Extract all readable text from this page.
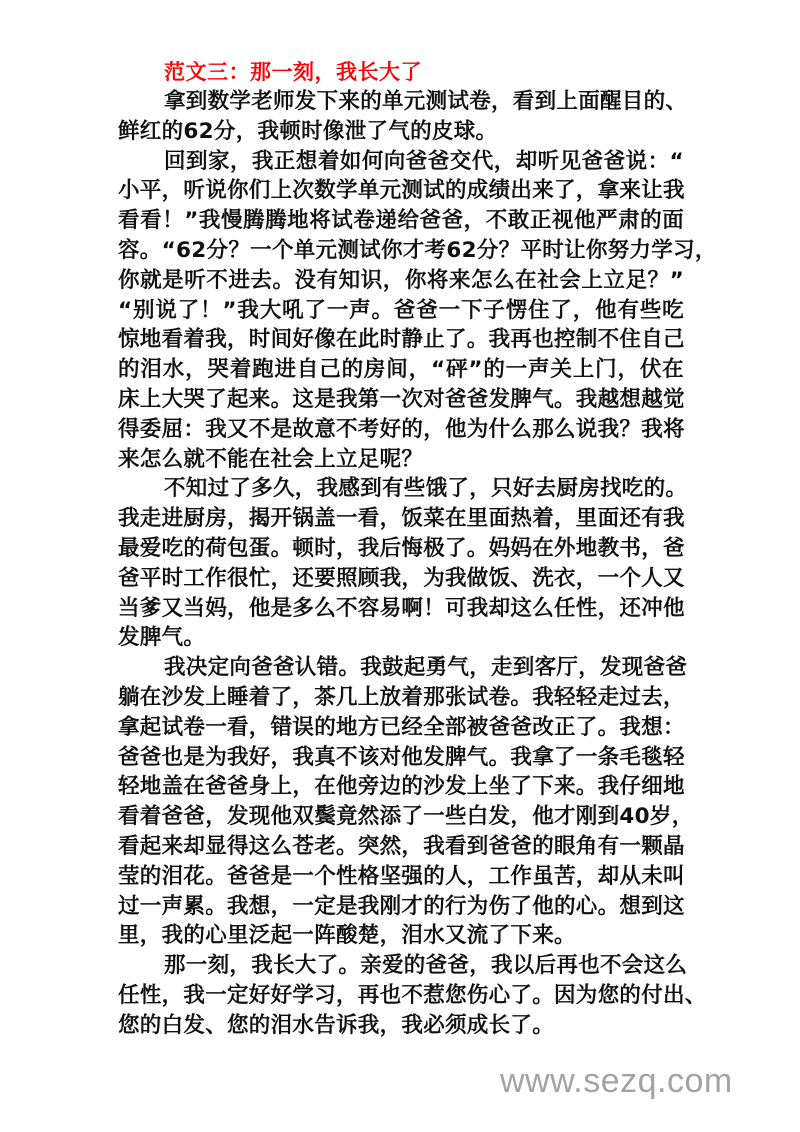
范文三：那一刻，我长大了
拿到数学老师发下来的单元测试卷，看到上面醒目的、
鲜红的62分，我顿时像泄了气的皮球。
回到家，我正想着如何向爸爸交代，却听见爸爸说：“
小平，听说你们上次数学单元测试的成绩出来了，拿来让我
看看！”我慢腾腾地将试卷递给爸爸，不敢正视他严肃的面
容。“62分？一个单元测试你才考62分？平时让你努力学习，
你就是听不进去。没有知识，你将来怎么在社会上立足？”
“别说了！”我大吼了一声。爸爸一下子愣住了，他有些吃
惊地看着我，时间好像在此时静止了。我再也控制不住自己
的泪水，哭着跑进自己的房间，“砰”的一声关上门，伏在
床上大哭了起来。这是我第一次对爸爸发脾气。我越想越觉
得委屈：我又不是故意不考好的，他为什么那么说我？我将
来怎么就不能在社会上立足呢？
不知过了多久，我感到有些饿了，只好去厨房找吃的。
我走进厨房，揭开锅盖一看，饭菜在里面热着，里面还有我
最爱吃的荷包蛋。顿时，我后悔极了。妈妈在外地教书，爸
爸平时工作很忙，还要照顾我，为我做饭、洗衣，一个人又
当爹又当妈，他是多么不容易啊！可我却这么任性，还冲他
发脾气。
我决定向爸爸认错。我鼓起勇气，走到客厅，发现爸爸
躺在沙发上睡着了，茶几上放着那张试卷。我轻轻走过去，
拿起试卷一看，错误的地方已经全部被爸爸改正了。我想：
爸爸也是为我好，我真不该对他发脾气。我拿了一条毛毯轻
轻地盖在爸爸身上，在他旁边的沙发上坐了下来。我仔细地
看着爸爸，发现他双鬓竟然添了一些白发，他才刚到40岁，
看起来却显得这么苍老。突然，我看到爸爸的眼角有一颗晶
莹的泪花。爸爸是一个性格坚强的人，工作虽苦，却从未叫
过一声累。我想，一定是我刚才的行为伤了他的心。想到这
里，我的心里泛起一阵酸楚，泪水又流了下来。
那一刻，我长大了。亲爱的爸爸，我以后再也不会这么
任性，我一定好好学习，再也不惹您伤心了。因为您的付出、
您的白发、您的泪水告诉我，我必须成长了。
www.sezq.com
